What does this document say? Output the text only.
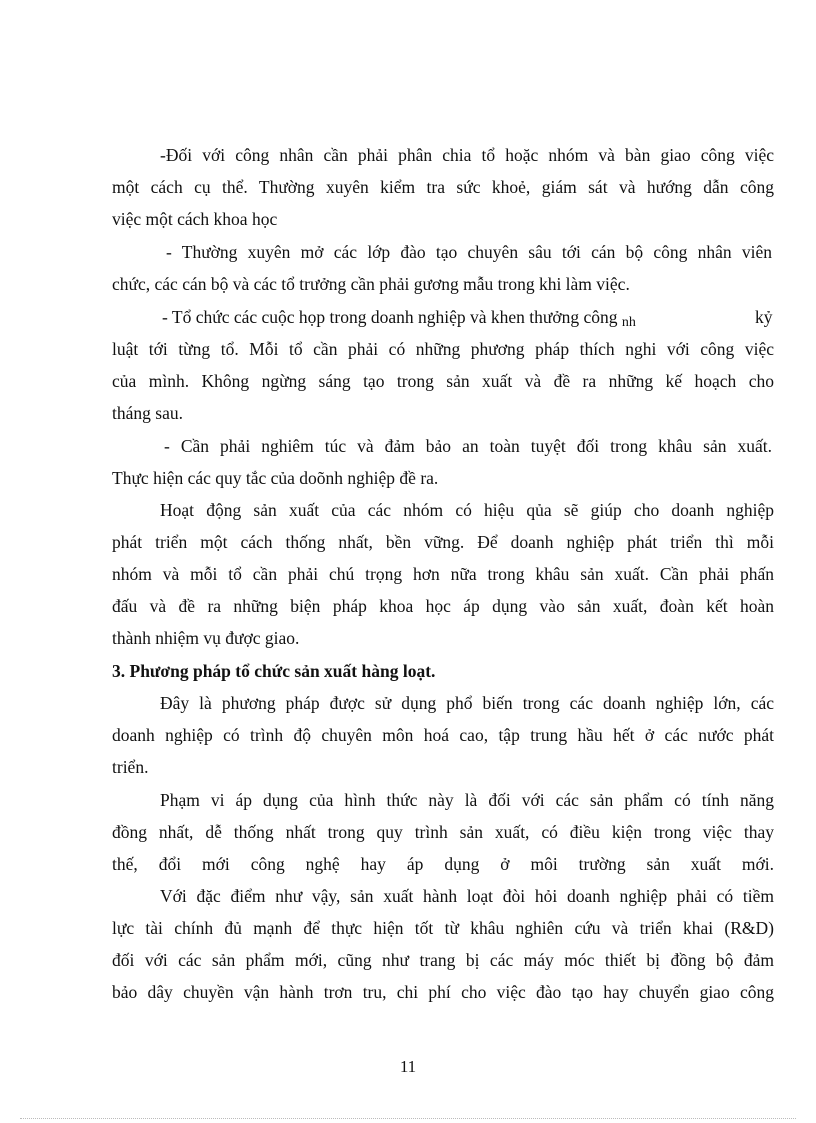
-Đối với công nhân cần phải phân chia tổ hoặc nhóm và bàn giao công việc
một cách cụ thể. Thường xuyên kiểm tra sức khoẻ, giám sát và hướng dẫn công
việc một cách khoa học
- Thường xuyên mở các lớp đào tạo chuyên sâu tới cán bộ công nhân viên
chức, các cán bộ và các tổ trưởng cần phải gương mẫu trong khi làm việc.
- Tổ chức các cuộc họp trong doanh nghiệp và khen thưởng công nh	kỷ
luật tới từng tổ. Mỗi tổ cần phải có những phương pháp thích nghi với công việc
của mình. Không ngừng sáng tạo trong sản xuất và đề ra những kế hoạch cho
tháng sau.
- Cần phải nghiêm túc và đảm bảo an toàn tuyệt đối trong khâu sản xuất.
Thực hiện các quy tắc của doõnh nghiệp đề ra.
Hoạt động sản xuất của các nhóm có hiệu qủa sẽ giúp cho doanh nghiệp
phát triển một cách thống nhất, bền vững. Để doanh nghiệp phát triển thì mỗi
nhóm và mỗi tổ cần phải chú trọng hơn nữa trong khâu sản xuất. Cần phải phấn
đấu và đề ra những biện pháp khoa học áp dụng vào sản xuất, đoàn kết hoàn
thành nhiệm vụ được giao.
3. Phương pháp tổ chức sản xuất hàng loạt.
Đây là phương pháp được sử dụng phổ biến trong các doanh nghiệp lớn, các
doanh nghiệp có trình độ chuyên môn hoá cao, tập trung hầu hết ở các nước phát
triển.
Phạm vi áp dụng của hình thức này là đối với các sản phẩm có tính năng
đồng nhất, dễ thống nhất trong quy trình sản xuất, có điều kiện trong việc thay
thế, đổi mới công nghệ hay áp dụng ở môi trường sản xuất mới.
Với đặc điểm như vậy, sản xuất hành loạt đòi hỏi doanh nghiệp phải có tiềm
lực tài chính đủ mạnh để thực hiện tốt từ khâu nghiên cứu và triển khai (R&D)
đối với các sản phẩm mới, cũng như trang bị các máy móc thiết bị đồng bộ đảm
bảo dây chuyền vận hành trơn tru, chi phí cho việc đào tạo hay chuyển giao công
11
